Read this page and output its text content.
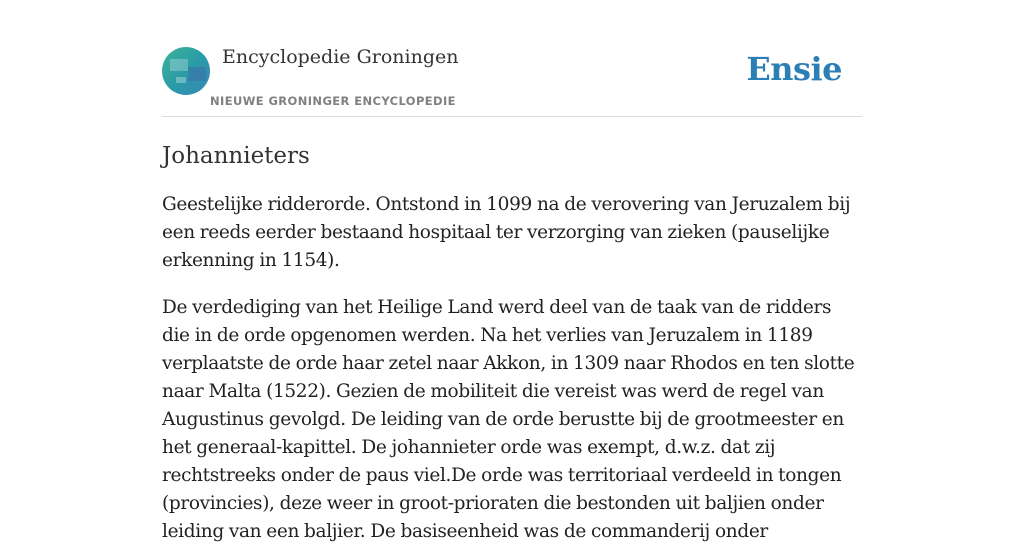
Encyclopedie Groningen
NIEUWE GRONINGER ENCYCLOPEDIE
Ensie
Johannieters

Geestelijke ridderorde. Ontstond in 1099 na de verovering van Jeruzalem bij een reeds eerder bestaand hospitaal ter verzorging van zieken (pauselijke erkenning in 1154).

De verdediging van het Heilige Land werd deel van de taak van de ridders die in de orde opgenomen werden. Na het verlies van Jeruzalem in 1189 verplaatste de orde haar zetel naar Akkon, in 1309 naar Rhodos en ten slotte naar Malta (1522). Gezien de mobiliteit die vereist was werd de regel van Augustinus gevolgd. De leiding van de orde berustte bij de grootmeester en het generaal-kapittel. De johannieter orde was exempt, d.w.z. dat zij rechtstreeks onder de paus viel.De orde was territoriaal verdeeld in tongen (provincies), deze weer in groot-prioraten die bestonden uit baljien onder leiding van een baljier. De basiseenheid was de commanderij onder
